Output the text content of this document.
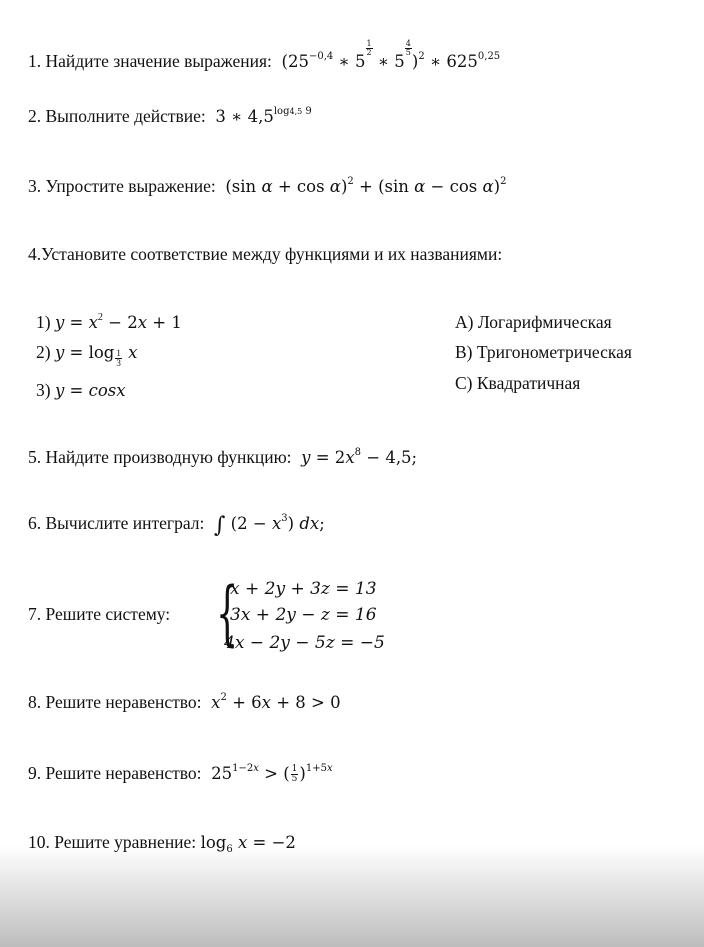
1. Найдите значение выражения:  ($25^{-0,4}$ ∗ 5
$\frac{1}{2}$
∗ 5
$\frac{4}{5}$
)$^2$ ∗ 625$^{0,25}$
2. Выполните действие:  3 ∗ $4,5^{log4,5 9}$
3. Упростите выражение:  (sin α + cos α)$^2$ + (sin α − cos α)$^2$
4.Установите соответствие между функциями и их названиями:
1) $y = x^2 - 2x + 1$
2) $y = \log \frac{1}{3}$ x
3) y = cosx
А) Логарифмическая
В) Тригонометрическая
С) Квадратичная
5. Найдите производную функцию: $y = 2x^8 - 4,5$;
6. Вычислите интеграл: ∫ $(2 - x^3)$ dx;
7. Решите систему: {
x + 2y + 3z = 13
3x + 2y − z = 16
4x − 2y − 5z = −5
8. Решите неравенство: $x^2 + 6x + 8 > 0$
9. Решите неравенство:  $25^{1-2x}$ > ( $\frac{1}{5} )^{1+5x}$
10. Решите уравнение: $\log_6 x = -2$
